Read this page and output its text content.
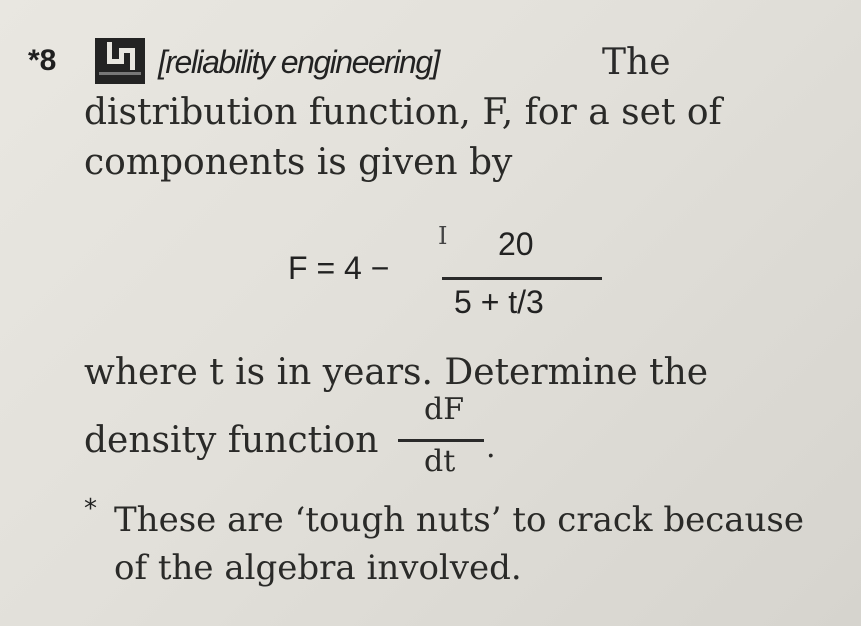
*8	[reliability engineering]	The
distribution function, F, for a set of
components is given by
I
F = 4 −
20
5 + t/3
where t is in years. Determine the
density function
dF
dt .
* These are ‘tough nuts’ to crack because
of the algebra involved.
